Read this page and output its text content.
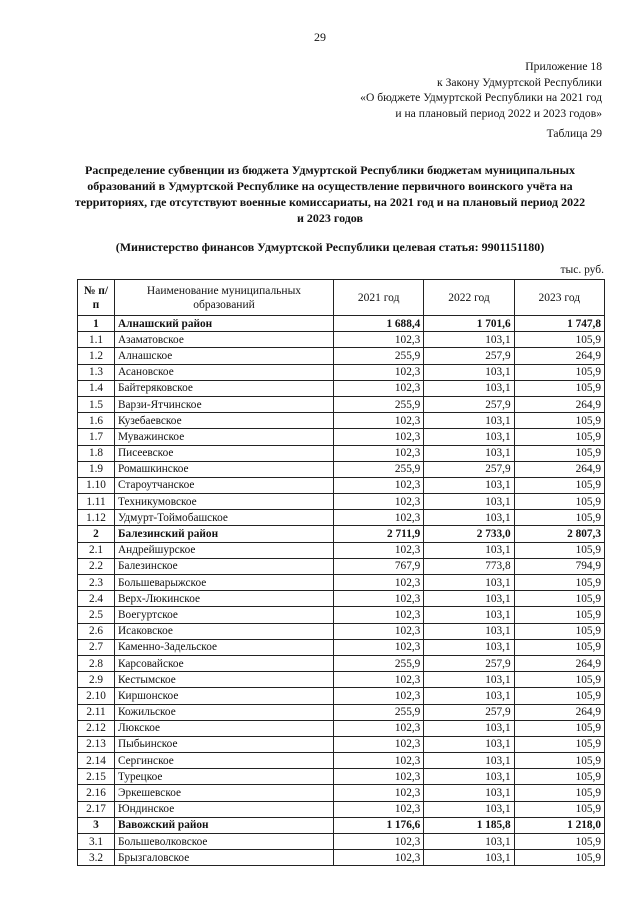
29
Приложение 18
к Закону Удмуртской Республики
«О бюджете Удмуртской Республики на 2021 год
и на плановый период 2022 и 2023 годов»
Таблица 29
Распределение субвенции из бюджета Удмуртской Республики бюджетам муниципальных образований в Удмуртской Республике на осуществление первичного воинского учёта на территориях, где отсутствуют военные комиссариаты, на 2021 год и на плановый период 2022 и 2023 годов
(Министерство финансов Удмуртской Республики целевая статья: 9901151180)
тыс. руб.
№ п/п	Наименование муниципальных образований	2021 год	2022 год	2023 год
1	Алнашский район	1 688,4	1 701,6	1 747,8
1.1	Азаматовское	102,3	103,1	105,9
1.2	Алнашское	255,9	257,9	264,9
1.3	Асановское	102,3	103,1	105,9
1.4	Байтеряковское	102,3	103,1	105,9
1.5	Варзи-Ятчинское	255,9	257,9	264,9
1.6	Кузебаевское	102,3	103,1	105,9
1.7	Муважинское	102,3	103,1	105,9
1.8	Писеевское	102,3	103,1	105,9
1.9	Ромашкинское	255,9	257,9	264,9
1.10	Староутчанское	102,3	103,1	105,9
1.11	Техникумовское	102,3	103,1	105,9
1.12	Удмурт-Тоймобашское	102,3	103,1	105,9
2	Балезинский район	2 711,9	2 733,0	2 807,3
2.1	Андрейшурское	102,3	103,1	105,9
2.2	Балезинское	767,9	773,8	794,9
2.3	Большеварыжское	102,3	103,1	105,9
2.4	Верх-Люкинское	102,3	103,1	105,9
2.5	Воегуртское	102,3	103,1	105,9
2.6	Исаковское	102,3	103,1	105,9
2.7	Каменно-Задельское	102,3	103,1	105,9
2.8	Карсовайское	255,9	257,9	264,9
2.9	Кестымское	102,3	103,1	105,9
2.10	Киршонское	102,3	103,1	105,9
2.11	Кожильское	255,9	257,9	264,9
2.12	Люкское	102,3	103,1	105,9
2.13	Пыбьинское	102,3	103,1	105,9
2.14	Сергинское	102,3	103,1	105,9
2.15	Турецкое	102,3	103,1	105,9
2.16	Эркешевское	102,3	103,1	105,9
2.17	Юндинское	102,3	103,1	105,9
3	Вавожский район	1 176,6	1 185,8	1 218,0
3.1	Большеволковское	102,3	103,1	105,9
3.2	Брызгаловское	102,3	103,1	105,9
